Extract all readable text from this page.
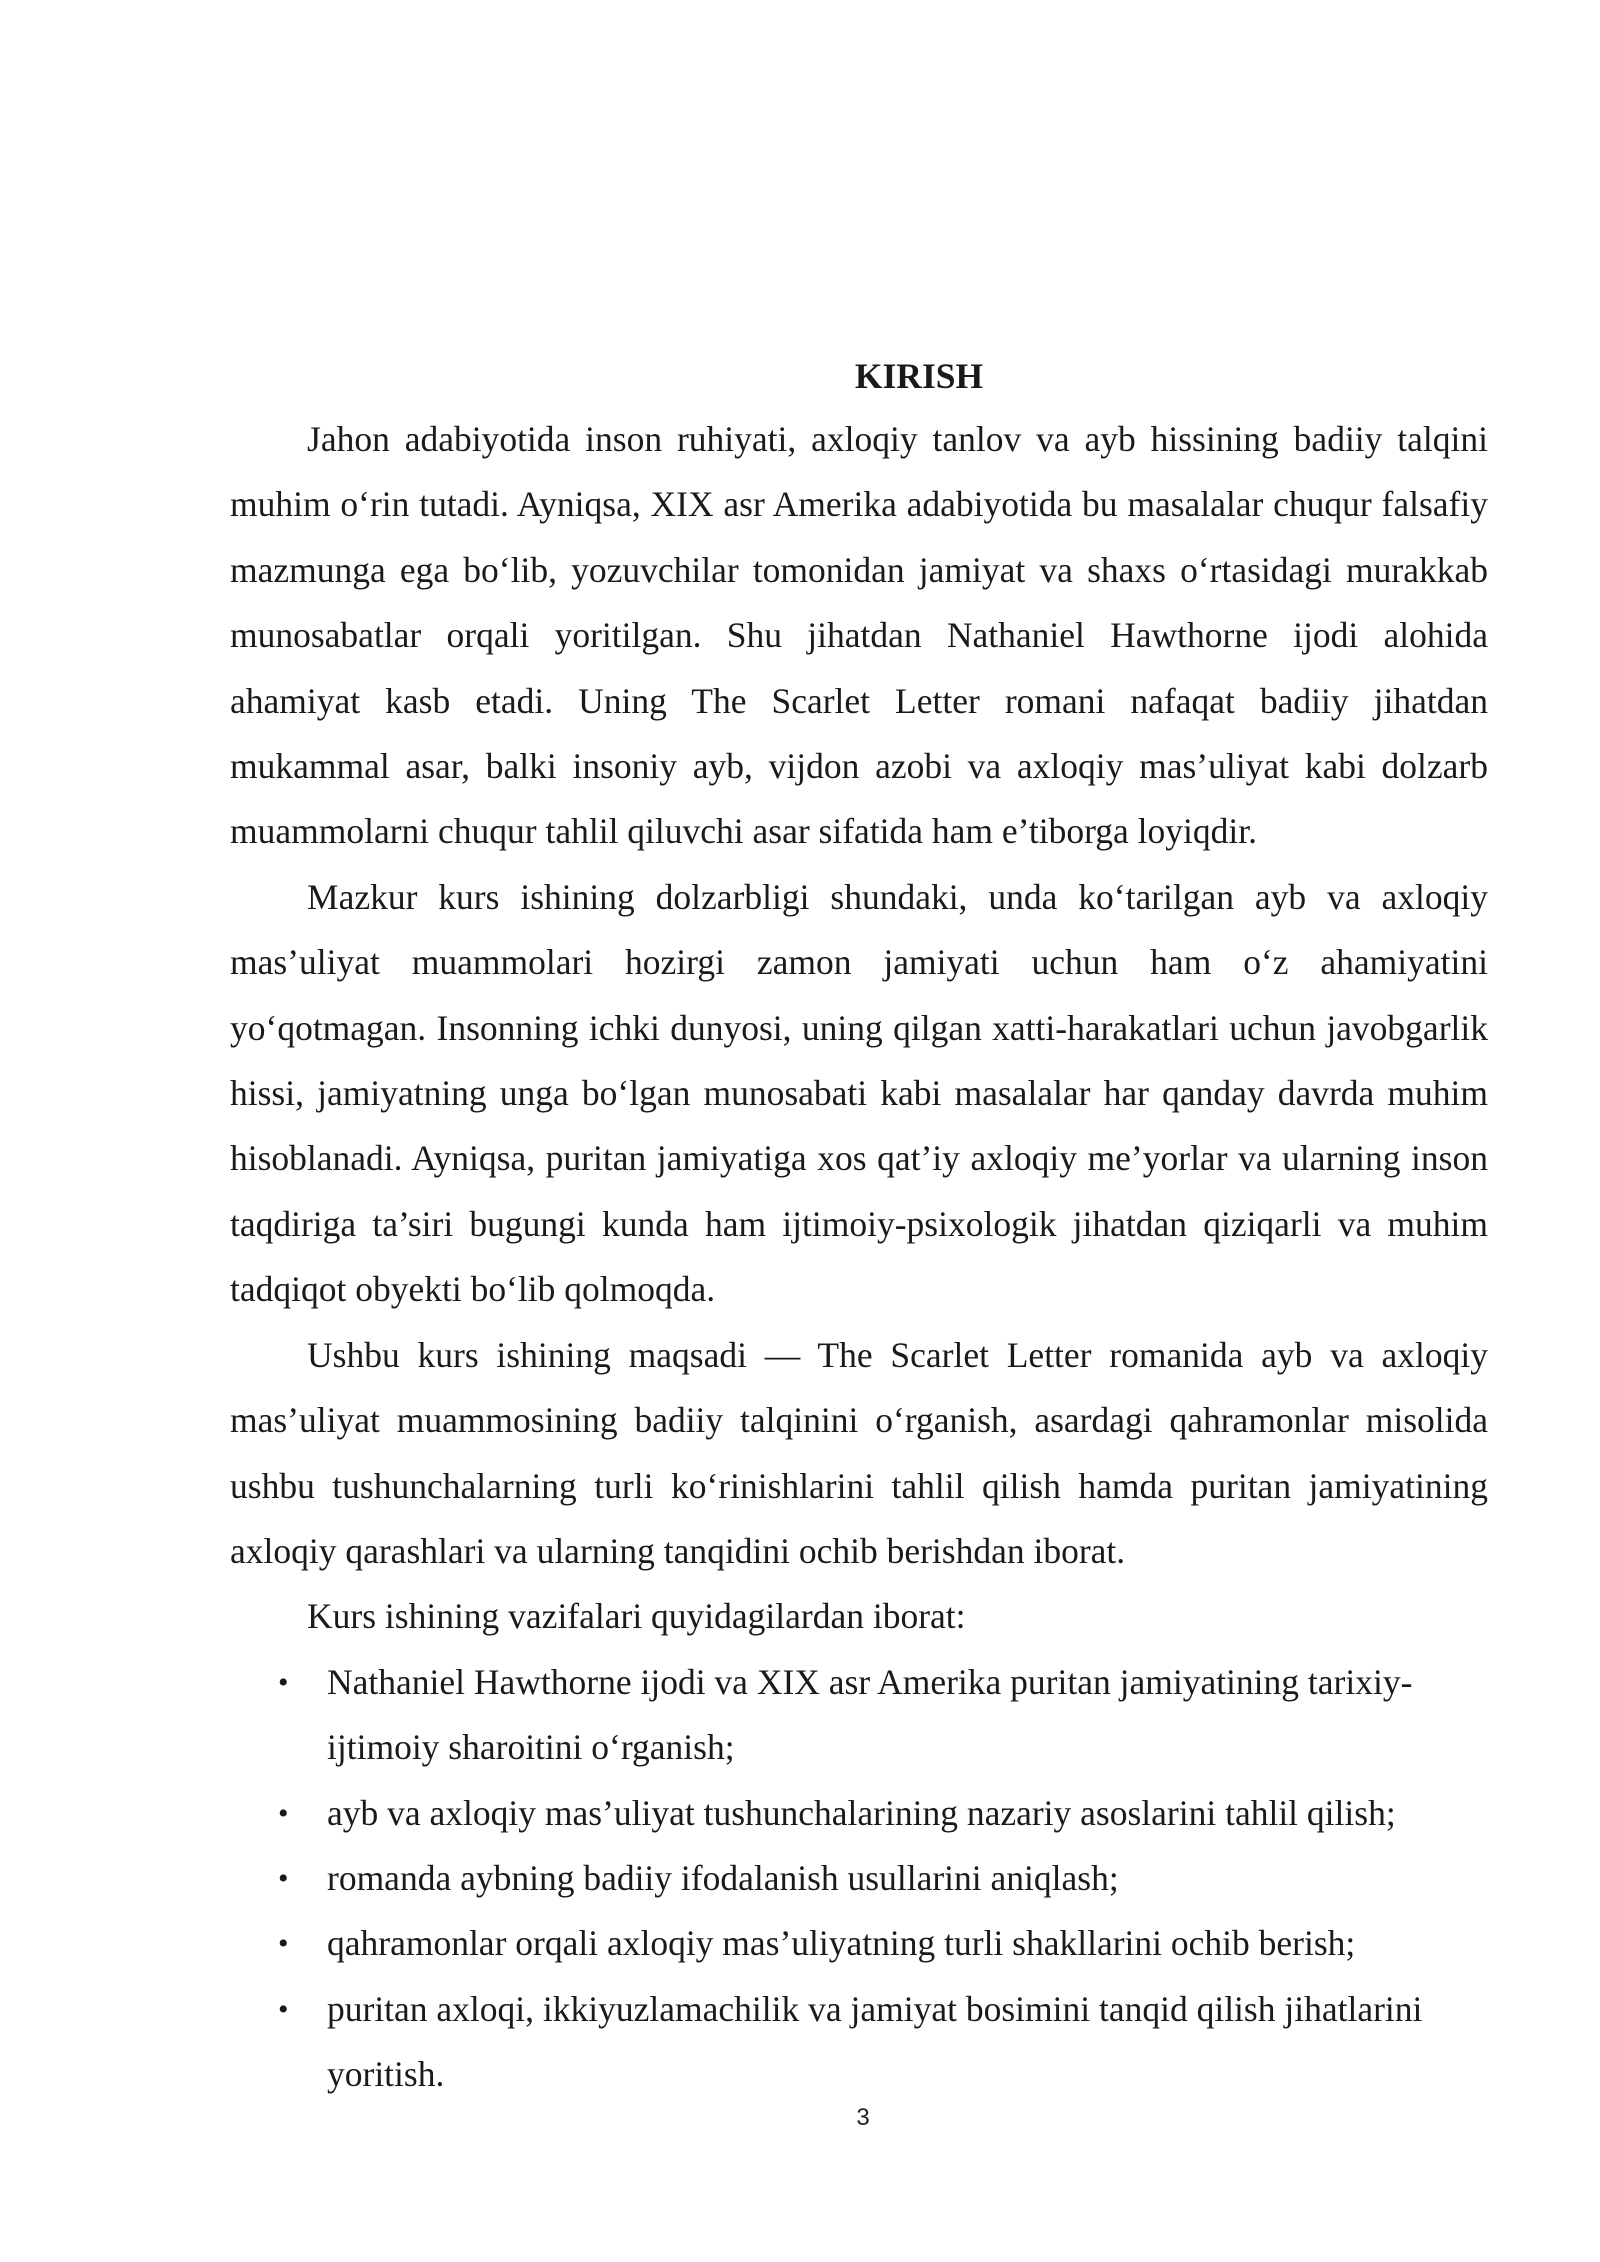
KIRISH

Jahon adabiyotida inson ruhiyati, axloqiy tanlov va ayb hissining badiiy talqini muhim o‘rin tutadi. Ayniqsa, XIX asr Amerika adabiyotida bu masalalar chuqur falsafiy mazmunga ega bo‘lib, yozuvchilar tomonidan jamiyat va shaxs o‘rtasidagi murakkab munosabatlar orqali yoritilgan. Shu jihatdan Nathaniel Hawthorne ijodi alohida ahamiyat kasb etadi. Uning The Scarlet Letter romani nafaqat badiiy jihatdan mukammal asar, balki insoniy ayb, vijdon azobi va axloqiy mas’uliyat kabi dolzarb muammolarni chuqur tahlil qiluvchi asar sifatida ham e’tiborga loyiqdir.

Mazkur kurs ishining dolzarbligi shundaki, unda ko‘tarilgan ayb va axloqiy mas’uliyat muammolari hozirgi zamon jamiyati uchun ham o‘z ahamiyatini yo‘qotmagan. Insonning ichki dunyosi, uning qilgan xatti-harakatlari uchun javobgarlik hissi, jamiyatning unga bo‘lgan munosabati kabi masalalar har qanday davrda muhim hisoblanadi. Ayniqsa, puritan jamiyatiga xos qat’iy axloqiy me’yorlar va ularning inson taqdiriga ta’siri bugungi kunda ham ijtimoiy-psixologik jihatdan qiziqarli va muhim tadqiqot obyekti bo‘lib qolmoqda.

Ushbu kurs ishining maqsadi — The Scarlet Letter romanida ayb va axloqiy mas’uliyat muammosining badiiy talqinini o‘rganish, asardagi qahramonlar misolida ushbu tushunchalarning turli ko‘rinishlarini tahlil qilish hamda puritan jamiyatining axloqiy qarashlari va ularning tanqidini ochib berishdan iborat.

Kurs ishining vazifalari quyidagilardan iborat:

• Nathaniel Hawthorne ijodi va XIX asr Amerika puritan jamiyatining tarixiy-ijtimoiy sharoitini o‘rganish;
• ayb va axloqiy mas’uliyat tushunchalarining nazariy asoslarini tahlil qilish;
• romanda aybning badiiy ifodalanish usullarini aniqlash;
• qahramonlar orqali axloqiy mas’uliyatning turli shakllarini ochib berish;
• puritan axloqi, ikkiyuzlamachilik va jamiyat bosimini tanqid qilish jihatlarini yoritish.
3
